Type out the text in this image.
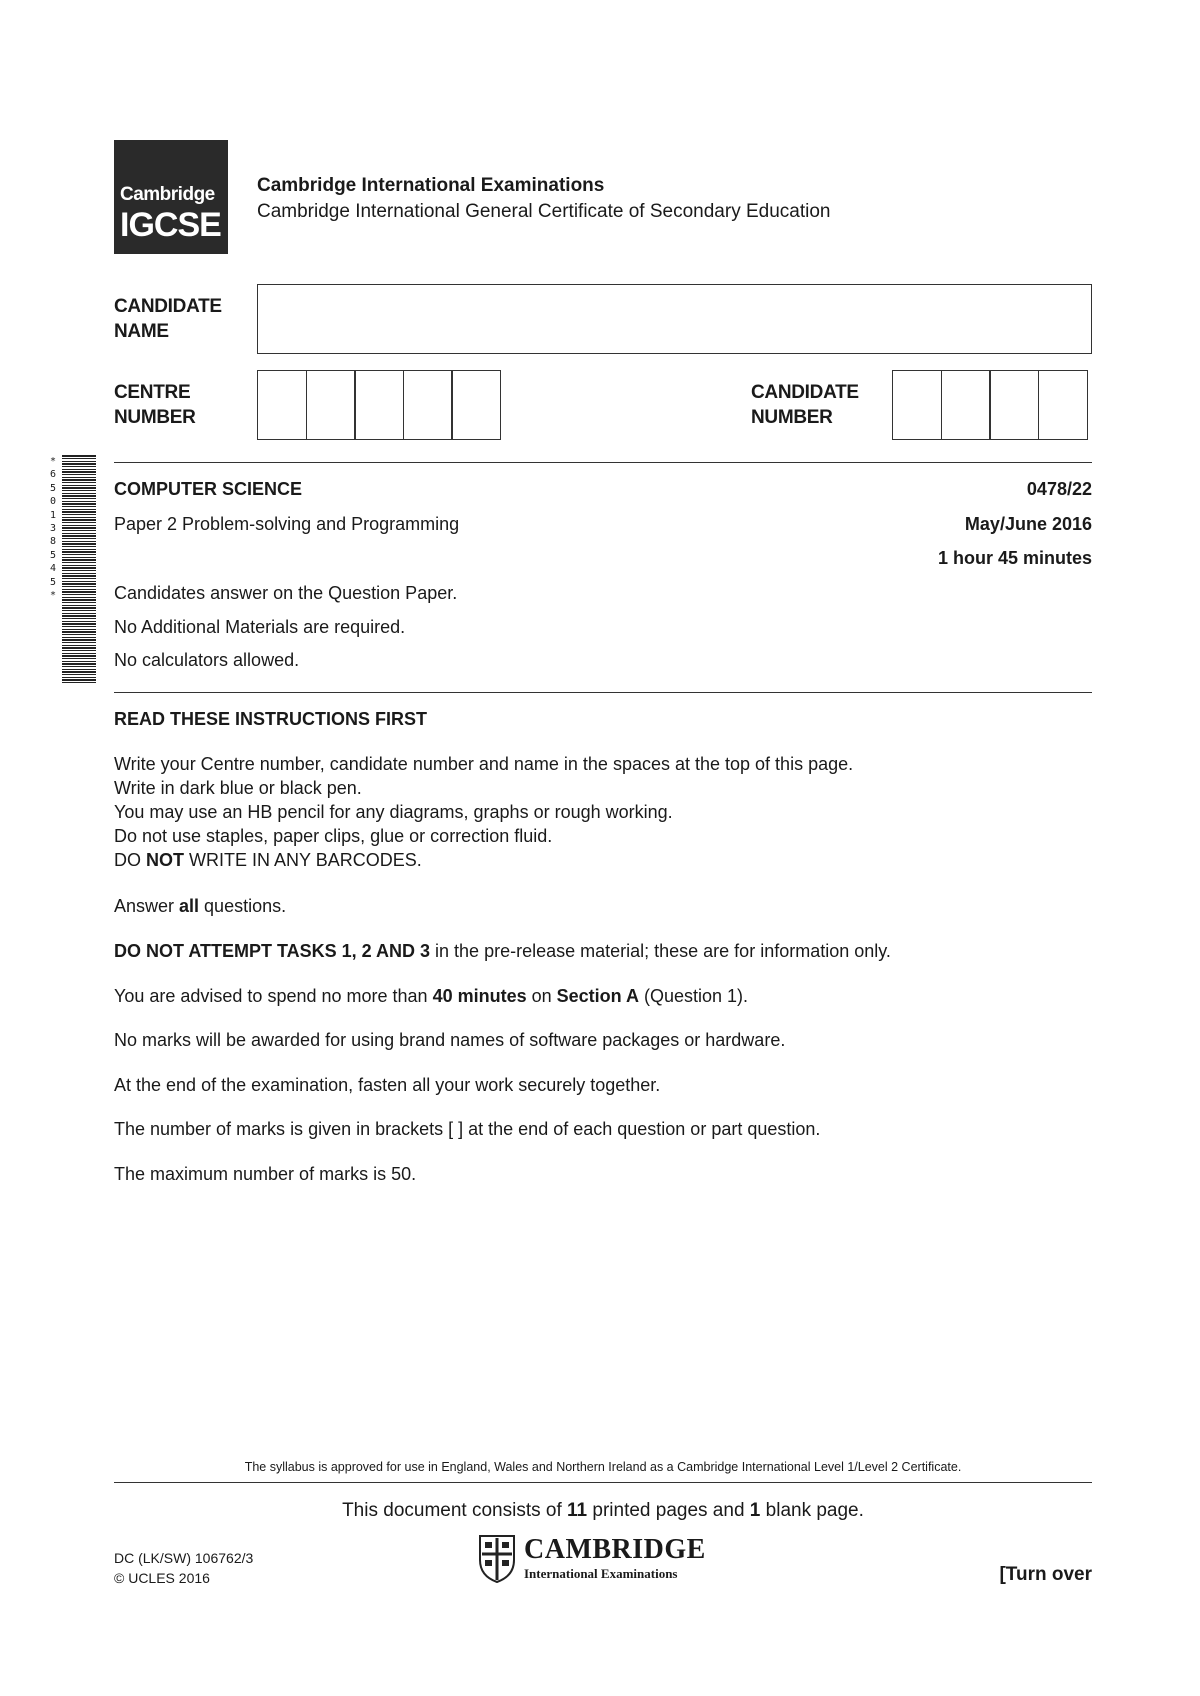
Cambridge
IGCSE
Cambridge International Examinations
Cambridge International General Certificate of Secondary Education
CANDIDATE
NAME
CENTRE
NUMBER
CANDIDATE
NUMBER
*
6
5
0
1
3
8
5
4
5
*
COMPUTER SCIENCE	0478/22
Paper 2 Problem-solving and Programming	May/June 2016
1 hour 45 minutes
Candidates answer on the Question Paper.
No Additional Materials are required.
No calculators allowed.
READ THESE INSTRUCTIONS FIRST
Write your Centre number, candidate number and name in the spaces at the top of this page.
Write in dark blue or black pen.
You may use an HB pencil for any diagrams, graphs or rough working.
Do not use staples, paper clips, glue or correction fluid.
DO NOT WRITE IN ANY BARCODES.
Answer all questions.
DO NOT ATTEMPT TASKS 1, 2 AND 3 in the pre-release material; these are for information only.
You are advised to spend no more than 40 minutes on Section A (Question 1).
No marks will be awarded for using brand names of software packages or hardware.
At the end of the examination, fasten all your work securely together.
The number of marks is given in brackets [ ] at the end of each question or part question.
The maximum number of marks is 50.
The syllabus is approved for use in England, Wales and Northern Ireland as a Cambridge International Level 1/Level 2 Certificate.
This document consists of 11 printed pages and 1 blank page.
DC (LK/SW) 106762/3
© UCLES 2016
CAMBRIDGE
International Examinations	[Turn over
